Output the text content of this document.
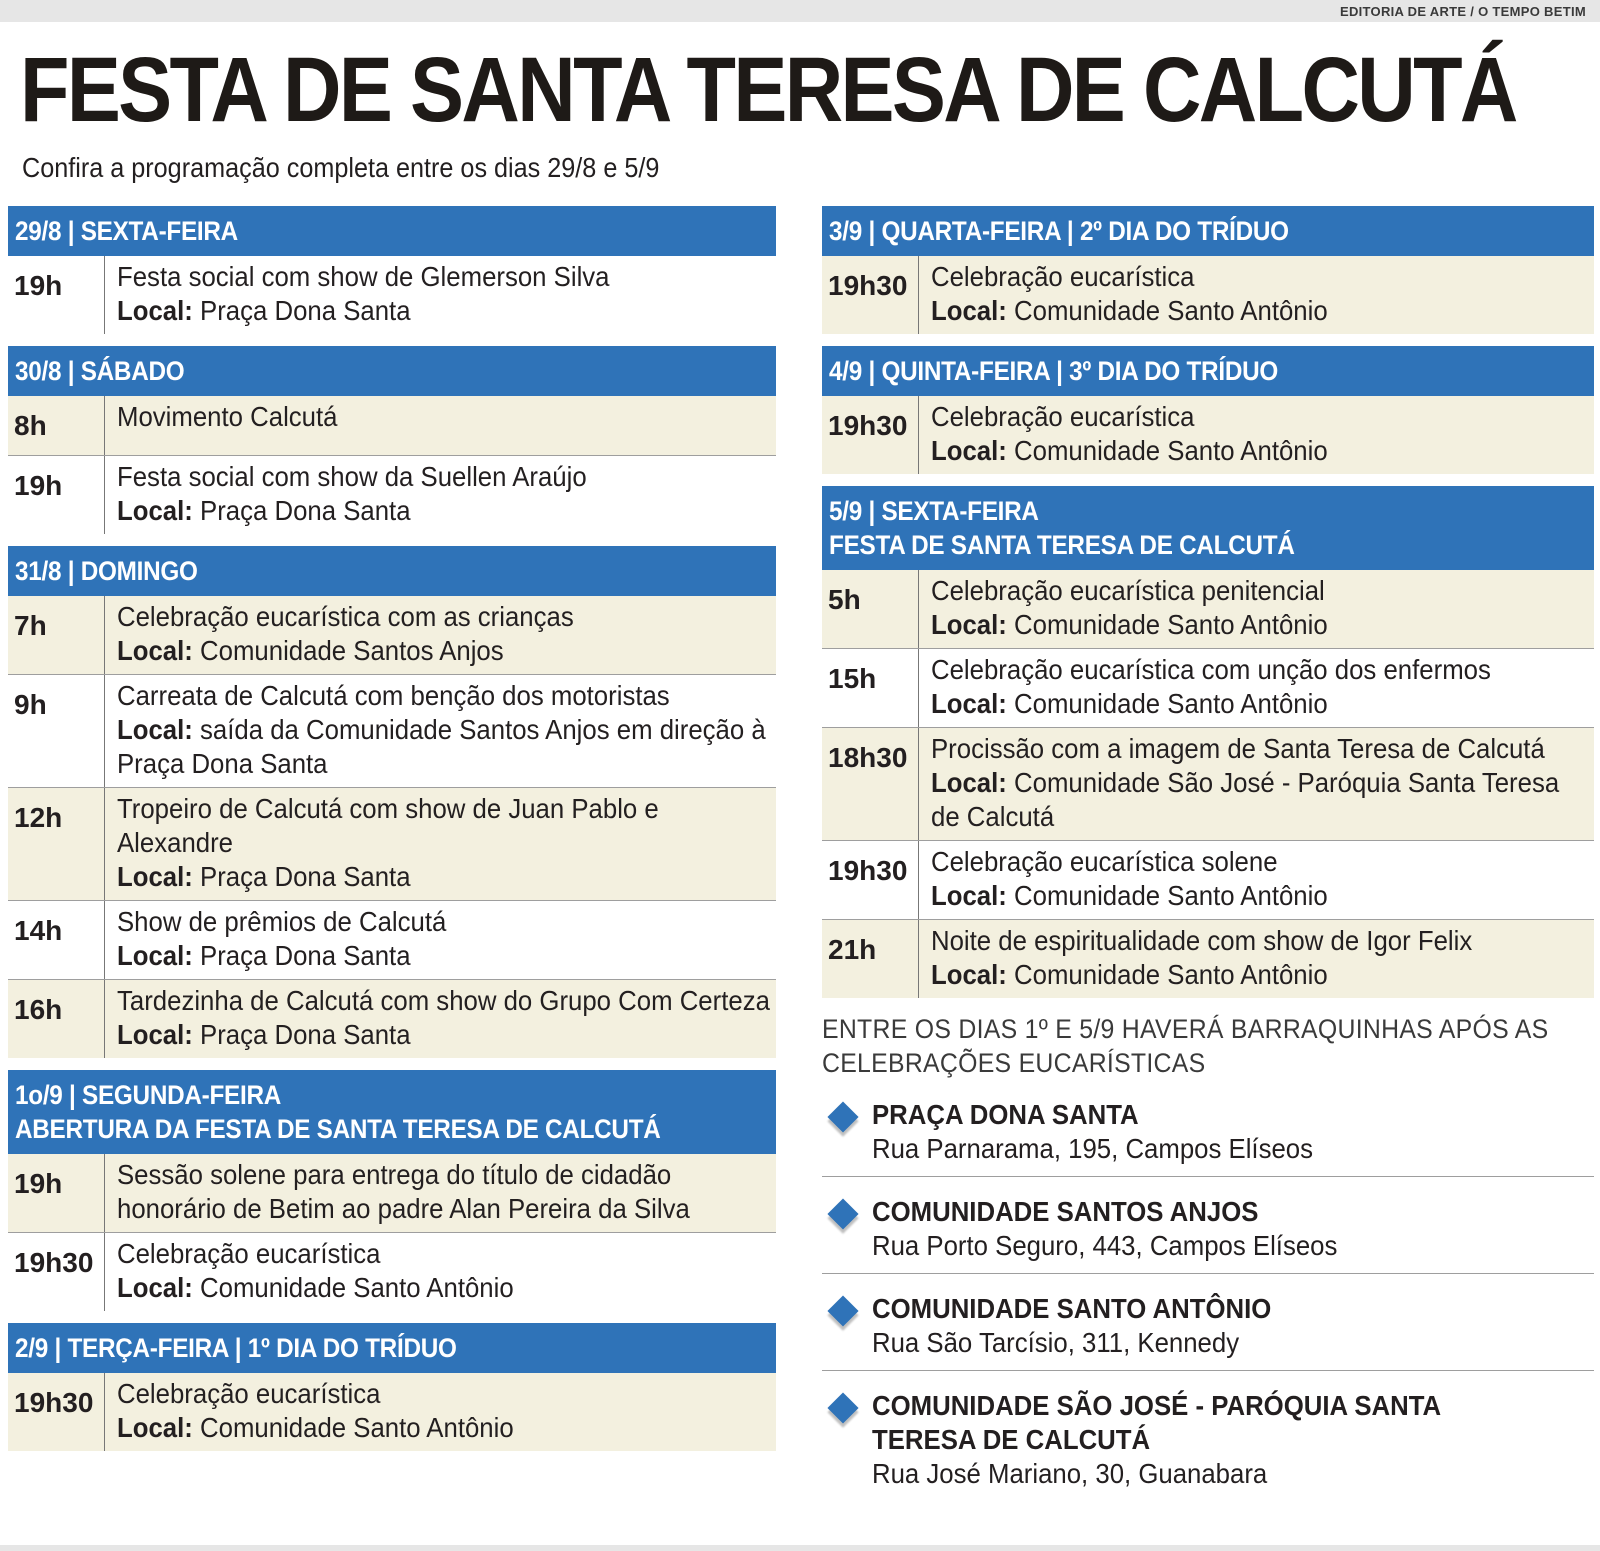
EDITORIA DE ARTE / O TEMPO BETIM
FESTA DE SANTA TERESA DE CALCUTÁ
Confira a programação completa entre os dias 29/8 e 5/9
29/8 | SEXTA-FEIRA
19h	Festa social com show de Glemerson Silva
Local: Praça Dona Santa
30/8 | SÁBADO
8h	Movimento Calcutá
19h	Festa social com show da Suellen Araújo
Local: Praça Dona Santa
31/8 | DOMINGO
7h	Celebração eucarística com as crianças
Local: Comunidade Santos Anjos
9h	Carreata de Calcutá com benção dos motoristas
Local: saída da Comunidade Santos Anjos em direção à Praça Dona Santa
12h	Tropeiro de Calcutá com show de Juan Pablo e Alexandre
Local: Praça Dona Santa
14h	Show de prêmios de Calcutá
Local: Praça Dona Santa
16h	Tardezinha de Calcutá com show do Grupo Com Certeza
Local: Praça Dona Santa
1o/9 | SEGUNDA-FEIRA
ABERTURA DA FESTA DE SANTA TERESA DE CALCUTÁ
19h	Sessão solene para entrega do título de cidadão honorário de Betim ao padre Alan Pereira da Silva
19h30 Celebração eucarística
Local: Comunidade Santo Antônio
2/9 | TERÇA-FEIRA | 1º DIA DO TRÍDUO
19h30 Celebração eucarística
Local: Comunidade Santo Antônio
3/9 | QUARTA-FEIRA | 2º DIA DO TRÍDUO
19h30 Celebração eucarística
Local: Comunidade Santo Antônio
4/9 | QUINTA-FEIRA | 3º DIA DO TRÍDUO
19h30 Celebração eucarística
Local: Comunidade Santo Antônio
5/9 | SEXTA-FEIRA
FESTA DE SANTA TERESA DE CALCUTÁ
5h	Celebração eucarística penitencial
Local: Comunidade Santo Antônio
15h	Celebração eucarística com unção dos enfermos
Local: Comunidade Santo Antônio
18h30 Procissão com a imagem de Santa Teresa de Calcutá
Local: Comunidade São José - Paróquia Santa Teresa de Calcutá
19h30 Celebração eucarística solene
Local: Comunidade Santo Antônio
21h	Noite de espiritualidade com show de Igor Felix
Local: Comunidade Santo Antônio
ENTRE OS DIAS 1º E 5/9 HAVERÁ BARRAQUINHAS APÓS AS CELEBRAÇÕES EUCARÍSTICAS
PRAÇA DONA SANTA
Rua Parnarama, 195, Campos Elíseos
COMUNIDADE SANTOS ANJOS
Rua Porto Seguro, 443, Campos Elíseos
COMUNIDADE SANTO ANTÔNIO
Rua São Tarcísio, 311, Kennedy
COMUNIDADE SÃO JOSÉ - PARÓQUIA SANTA TERESA DE CALCUTÁ
Rua José Mariano, 30, Guanabara
